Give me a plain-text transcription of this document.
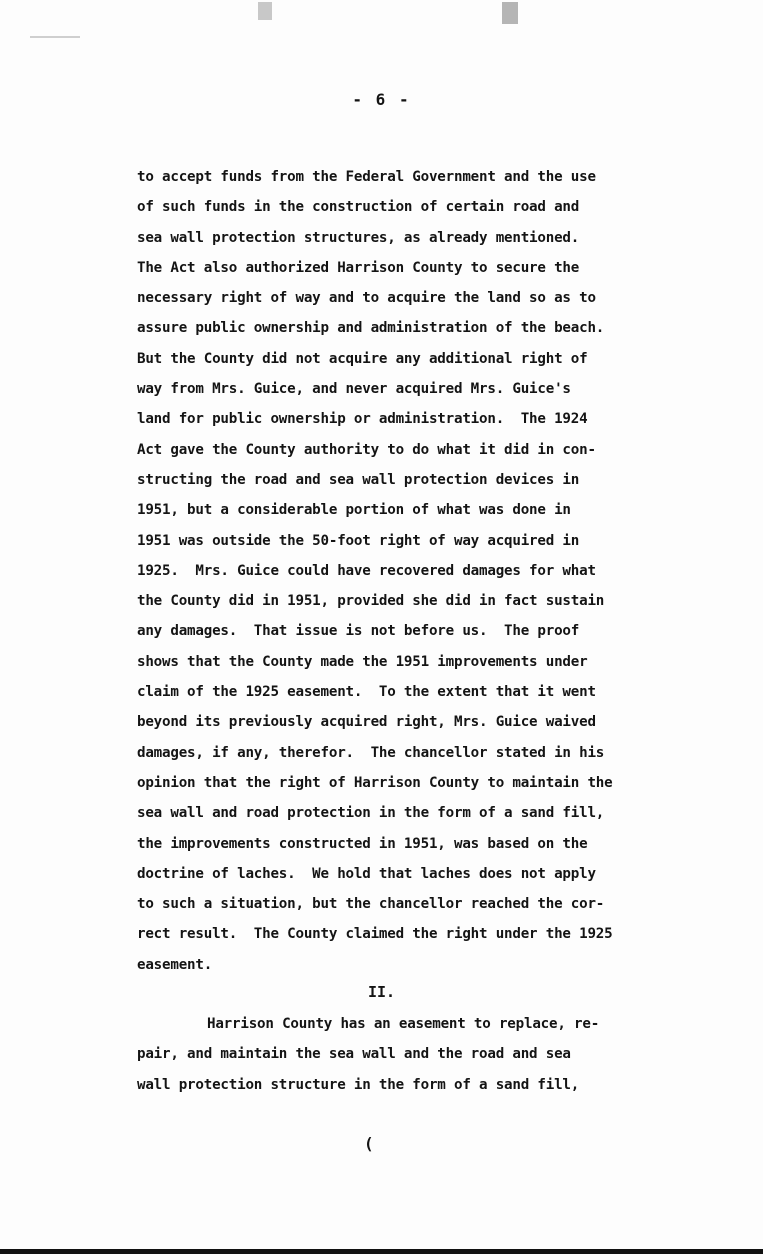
- 6 -
to accept funds from the Federal Government and the use
of such funds in the construction of certain road and
sea wall protection structures, as already mentioned.
The Act also authorized Harrison County to secure the
necessary right of way and to acquire the land so as to
assure public ownership and administration of the beach.
But the County did not acquire any additional right of
way from Mrs. Guice, and never acquired Mrs. Guice's
land for public ownership or administration.  The 1924
Act gave the County authority to do what it did in con-
structing the road and sea wall protection devices in
1951, but a considerable portion of what was done in
1951 was outside the 50-foot right of way acquired in
1925.  Mrs. Guice could have recovered damages for what
the County did in 1951, provided she did in fact sustain
any damages.  That issue is not before us.  The proof
shows that the County made the 1951 improvements under
claim of the 1925 easement.  To the extent that it went
beyond its previously acquired right, Mrs. Guice waived
damages, if any, therefor.  The chancellor stated in his
opinion that the right of Harrison County to maintain the
sea wall and road protection in the form of a sand fill,
the improvements constructed in 1951, was based on the
doctrine of laches.  We hold that laches does not apply
to such a situation, but the chancellor reached the cor-
rect result.  The County claimed the right under the 1925
easement.
II.
Harrison County has an easement to replace, re-
pair, and maintain the sea wall and the road and sea
wall protection structure in the form of a sand fill,
(
